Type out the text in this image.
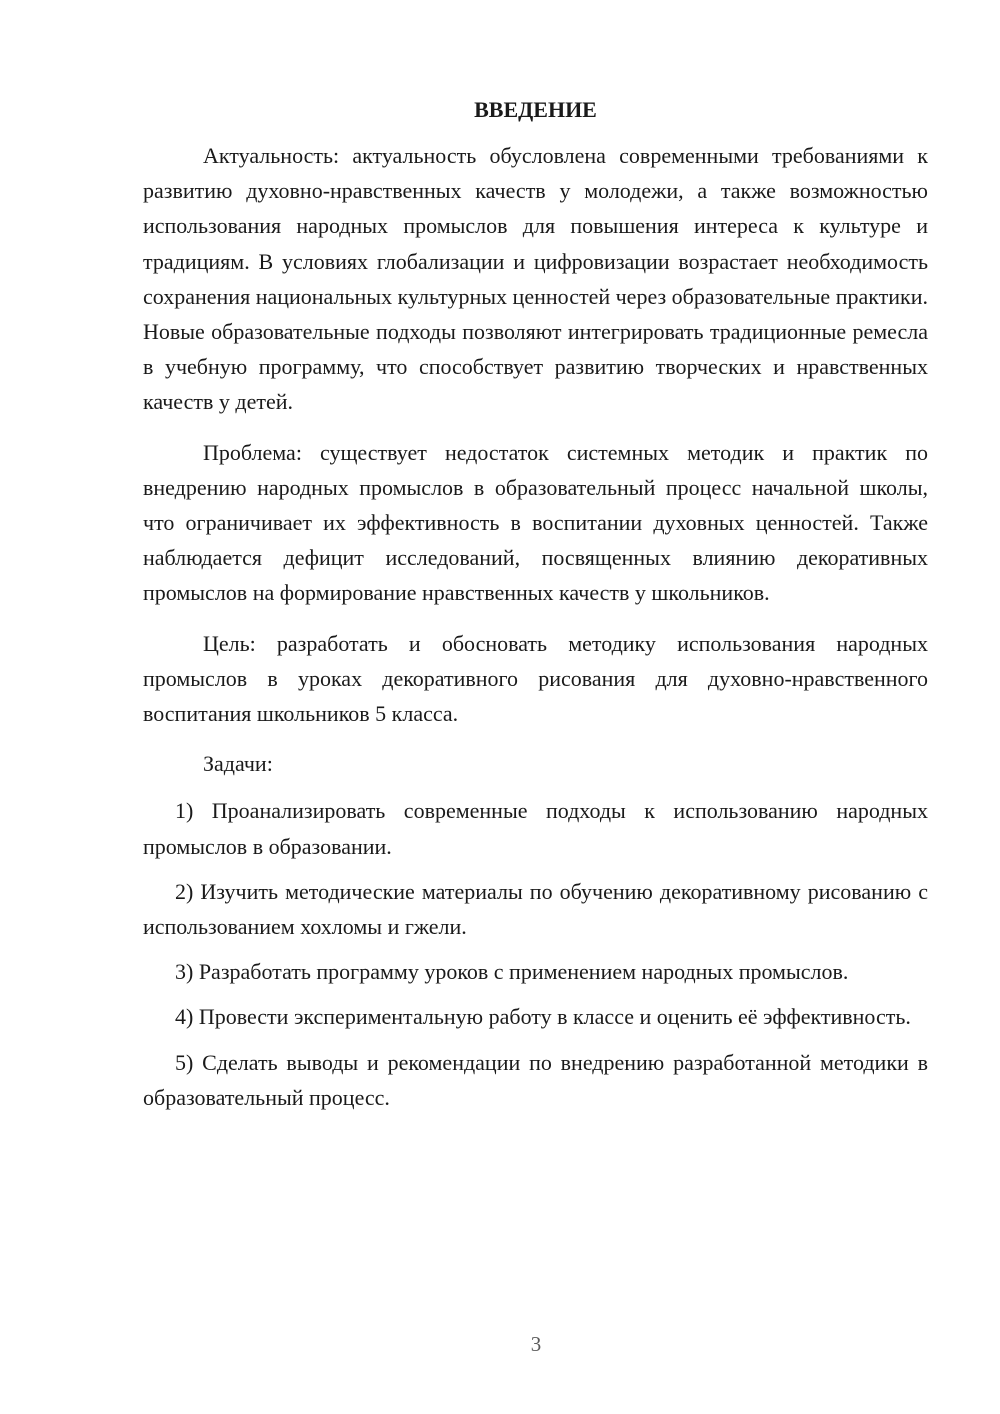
ВВЕДЕНИЕ

Актуальность: актуальность обусловлена современными требованиями к развитию духовно-нравственных качеств у молодежи, а также возможностью использования народных промыслов для повышения интереса к культуре и традициям. В условиях глобализации и цифровизации возрастает необходимость сохранения национальных культурных ценностей через образовательные практики. Новые образовательные подходы позволяют интегрировать традиционные ремесла в учебную программу, что способствует развитию творческих и нравственных качеств у детей.

Проблема: существует недостаток системных методик и практик по внедрению народных промыслов в образовательный процесс начальной школы, что ограничивает их эффективность в воспитании духовных ценностей. Также наблюдается дефицит исследований, посвященных влиянию декоративных промыслов на формирование нравственных качеств у школьников.

Цель: разработать и обосновать методику использования народных промыслов в уроках декоративного рисования для духовно-нравственного воспитания школьников 5 класса.

Задачи:

1) Проанализировать современные подходы к использованию народных промыслов в образовании.

2) Изучить методические материалы по обучению декоративному рисованию с использованием хохломы и гжели.

3) Разработать программу уроков с применением народных промыслов.

4) Провести экспериментальную работу в классе и оценить её эффективность.

5) Сделать выводы и рекомендации по внедрению разработанной методики в образовательный процесс.

3
